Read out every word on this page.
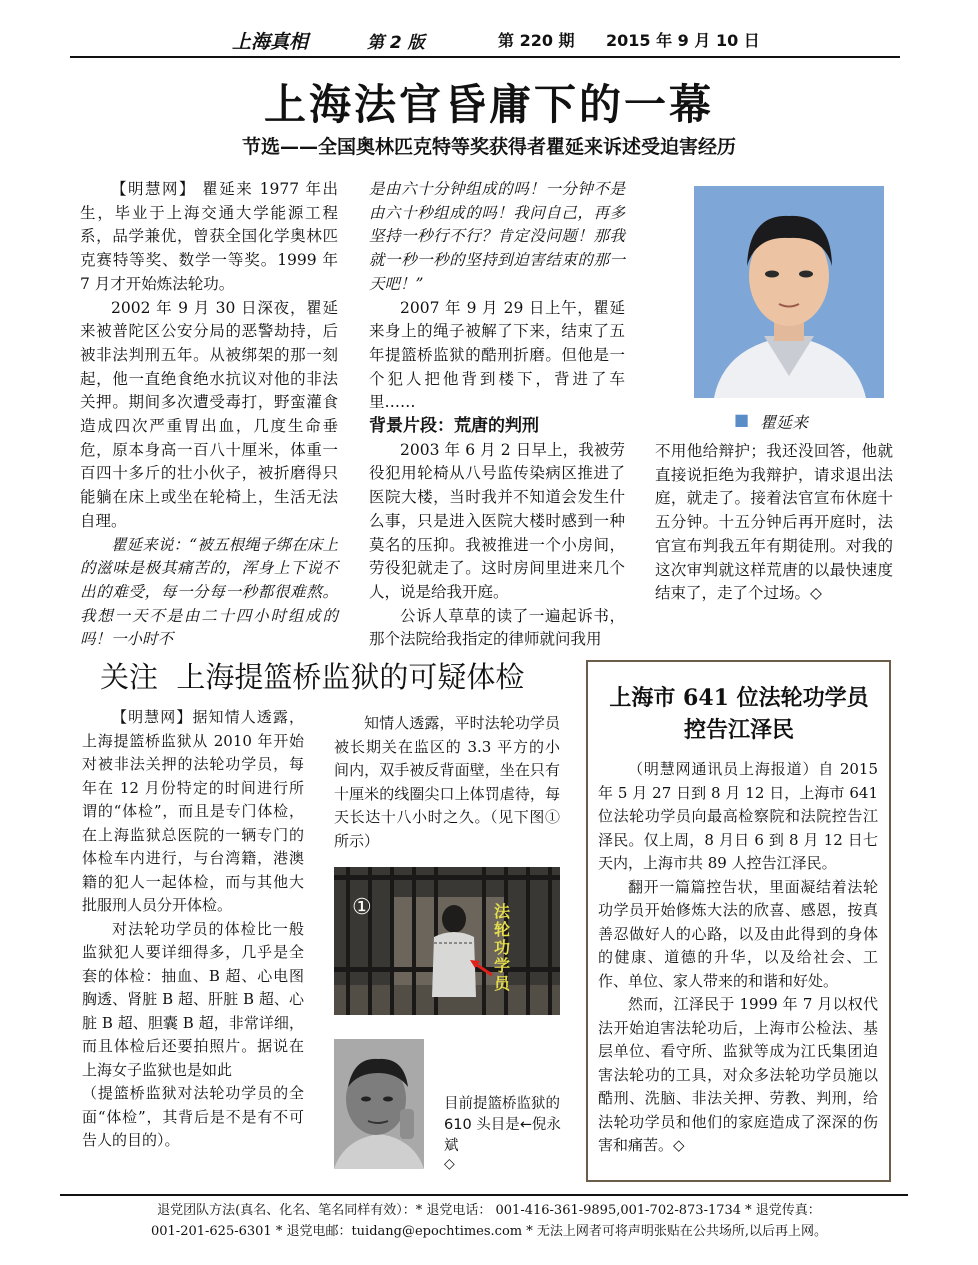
上海真相	第 2 版	第 220 期 2015 年 9 月 10 日
上海法官昏庸下的一幕
节选——全国奥林匹克特等奖获得者瞿延来诉述受迫害经历

【明慧网】 瞿延来 1977 年出生，毕业于上海交通大学能源工程系，品学兼优，曾获全国化学奥林匹克赛特等奖、数学一等奖。1999 年 7 月才开始炼法轮功。

2002 年 9 月 30 日深夜，瞿延来被普陀区公安分局的恶警劫持，后被非法判刑五年。从被绑架的那一刻起，他一直绝食绝水抗议对他的非法关押。期间多次遭受毒打，野蛮灌食造成四次严重胃出血，几度生命垂危，原本身高一百八十厘米，体重一百四十多斤的壮小伙子，被折磨得只能躺在床上或坐在轮椅上，生活无法自理。

瞿延来说：“被五根绳子绑在床上的滋味是极其痛苦的，浑身上下说不出的难受，每一分每一秒都很难熬。我想一天不是由二十四小时组成的吗！一小时不

是由六十分钟组成的吗！一分钟不是由六十秒组成的吗！我问自己，再多坚持一秒行不行？肯定没问题！那我就一秒一秒的坚持到迫害结束的那一天吧！”

2007 年 9 月 29 日上午，瞿延来身上的绳子被解了下来，结束了五年提篮桥监狱的酷刑折磨。但他是一个犯人把他背到楼下，背进了车里……

背景片段：荒唐的判刑

2003 年 6 月 2 日早上，我被劳役犯用轮椅从八号监传染病区推进了医院大楼，当时我并不知道会发生什么事，只是进入医院大楼时感到一种莫名的压抑。我被推进一个小房间，劳役犯就走了。这时房间里进来几个人，说是给我开庭。

公诉人草草的读了一遍起诉书，那个法院给我指定的律师就问我用

■ 瞿延来

不用他给辩护；我还没回答，他就直接说拒绝为我辩护，请求退出法庭，就走了。接着法官宣布休庭十五分钟。十五分钟后再开庭时，法官宣布判我五年有期徒刑。对我的这次审判就这样荒唐的以最快速度结束了，走了个过场。◇

关注  上海提篮桥监狱的可疑体检

【明慧网】据知情人透露，上海提篮桥监狱从 2010 年开始对被非法关押的法轮功学员，每年在 12 月份特定的时间进行所谓的“体检”，而且是专门体检，在上海监狱总医院的一辆专门的体检车内进行，与台湾籍，港澳籍的犯人一起体检，而与其他大批服刑人员分开体检。

对法轮功学员的体检比一般监狱犯人要详细得多，几乎是全套的体检：抽血、B 超、心电图胸透、肾脏 B 超、肝脏 B 超、心脏 B 超、胆囊 B 超，非常详细，而且体检后还要拍照片。据说在上海女子监狱也是如此

（提篮桥监狱对法轮功学员的全面“体检”，其背后是不是有不可告人的目的）。

知情人透露，平时法轮功学员被长期关在监区的 3.3 平方的小间内，双手被反背面壁，坐在只有十厘米的线圈尖口上体罚虐待，每天长达十八小时之久。（见下图①所示）

①	法轮功学员
目前提篮桥监狱的 610 头目是←倪永斌
◇
上海市 641 位法轮功学员控告江泽民

（明慧网通讯员上海报道）自 2015 年 5 月 27 日到 8 月 12 日，上海市 641 位法轮功学员向最高检察院和法院控告江泽民。仅上周，8 月日 6 到 8 月 12 日七天内，上海市共 89 人控告江泽民。

翻开一篇篇控告状，里面凝结着法轮功学员开始修炼大法的欣喜、感恩，按真善忍做好人的心路，以及由此得到的身体的健康、道德的升华，以及给社会、工作、单位、家人带来的和谐和好处。

然而，江泽民于 1999 年 7 月以权代法开始迫害法轮功后，上海市公检法、基层单位、看守所、监狱等成为江氏集团迫害法轮功的工具，对众多法轮功学员施以酷刑、洗脑、非法关押、劳教、判刑，给法轮功学员和他们的家庭造成了深深的伤害和痛苦。◇

退党团队方法(真名、化名、笔名同样有效）：* 退党电话： 001-416-361-9895,001-702-873-1734 * 退党传真：
001-201-625-6301 * 退党电邮：tuidang@epochtimes.com * 无法上网者可将声明张贴在公共场所,以后再上网。
